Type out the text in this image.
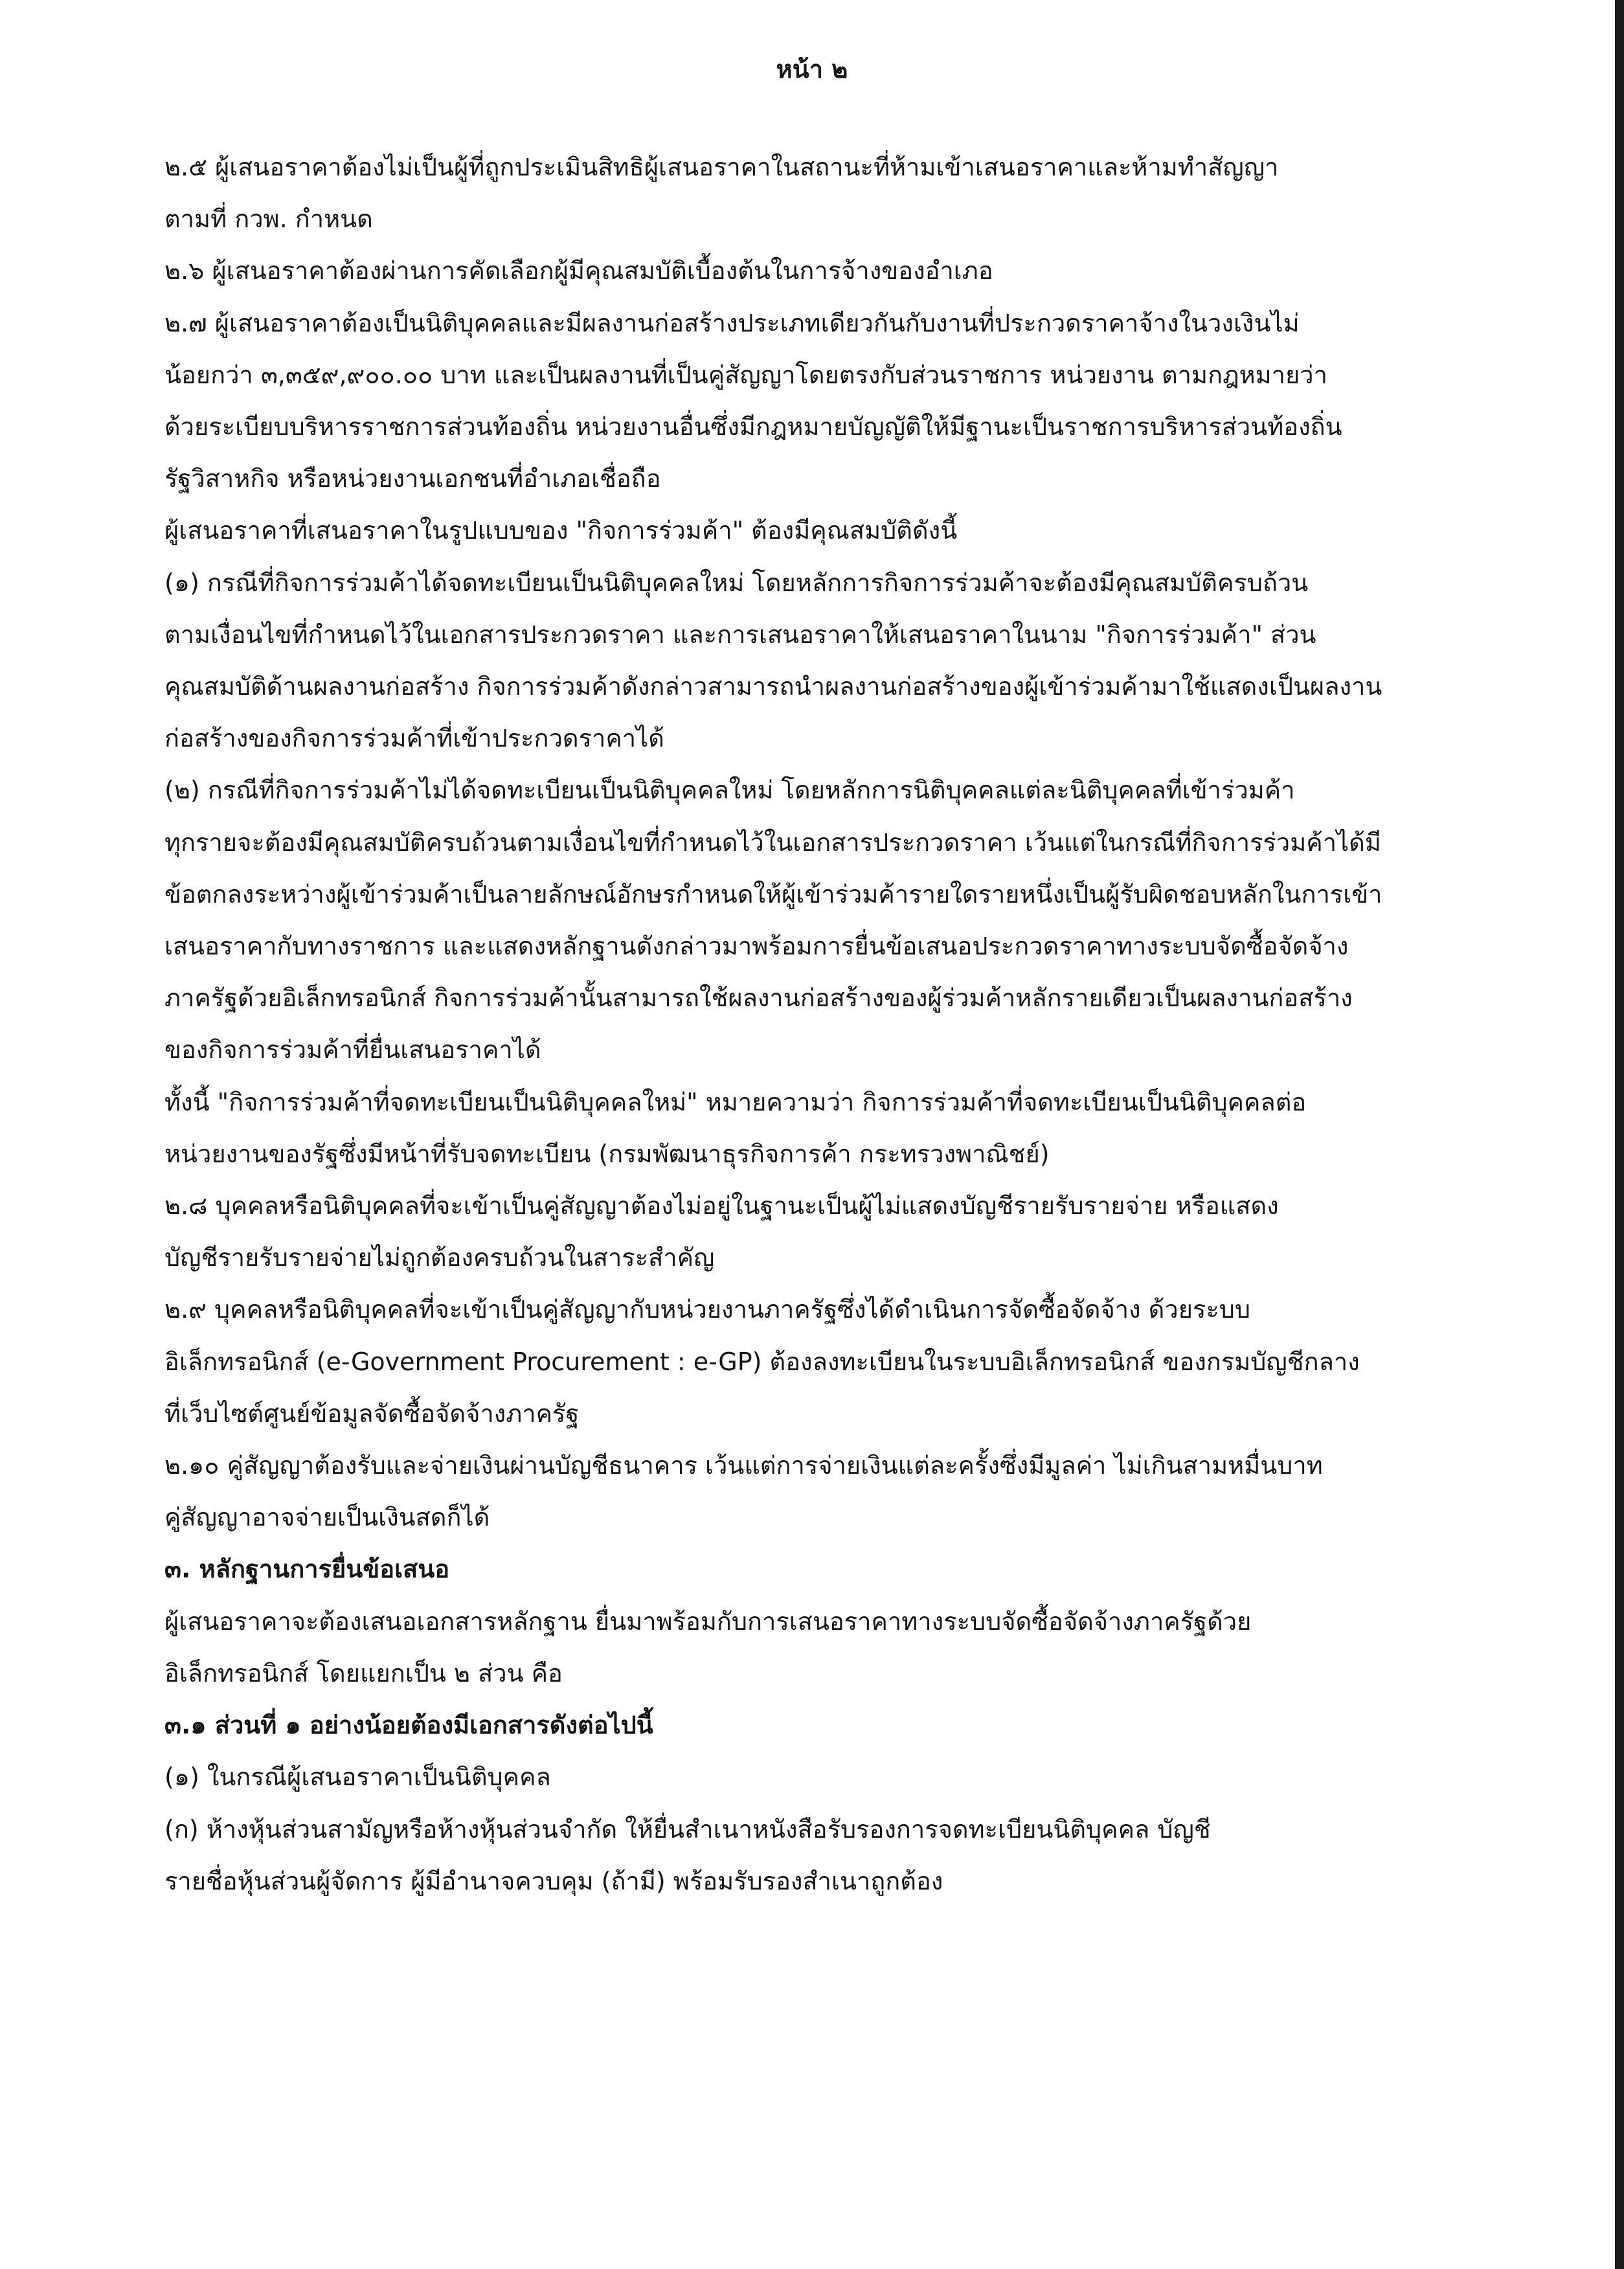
หน้า ๒

๒.๕ ผู้เสนอราคาต้องไม่เป็นผู้ที่ถูกประเมินสิทธิผู้เสนอราคาในสถานะที่ห้ามเข้าเสนอราคาและห้ามทำสัญญา
ตามที่ กวพ. กำหนด

๒.๖ ผู้เสนอราคาต้องผ่านการคัดเลือกผู้มีคุณสมบัติเบื้องต้นในการจ้างของอำเภอ

๒.๗ ผู้เสนอราคาต้องเป็นนิติบุคคลและมีผลงานก่อสร้างประเภทเดียวกันกับงานที่ประกวดราคาจ้างในวงเงินไม่
น้อยกว่า ๓,๓๕๙,๙๐๐.๐๐ บาท และเป็นผลงานที่เป็นคู่สัญญาโดยตรงกับส่วนราชการ หน่วยงาน ตามกฎหมายว่า
ด้วยระเบียบบริหารราชการส่วนท้องถิ่น หน่วยงานอื่นซึ่งมีกฎหมายบัญญัติให้มีฐานะเป็นราชการบริหารส่วนท้องถิ่น
รัฐวิสาหกิจ หรือหน่วยงานเอกชนที่อำเภอเชื่อถือ

ผู้เสนอราคาที่เสนอราคาในรูปแบบของ "กิจการร่วมค้า" ต้องมีคุณสมบัติดังนี้

(๑) กรณีที่กิจการร่วมค้าได้จดทะเบียนเป็นนิติบุคคลใหม่ โดยหลักการกิจการร่วมค้าจะต้องมีคุณสมบัติครบถ้วน
ตามเงื่อนไขที่กำหนดไว้ในเอกสารประกวดราคา และการเสนอราคาให้เสนอราคาในนาม "กิจการร่วมค้า" ส่วน
คุณสมบัติด้านผลงานก่อสร้าง กิจการร่วมค้าดังกล่าวสามารถนำผลงานก่อสร้างของผู้เข้าร่วมค้ามาใช้แสดงเป็นผลงาน
ก่อสร้างของกิจการร่วมค้าที่เข้าประกวดราคาได้

(๒) กรณีที่กิจการร่วมค้าไม่ได้จดทะเบียนเป็นนิติบุคคลใหม่ โดยหลักการนิติบุคคลแต่ละนิติบุคคลที่เข้าร่วมค้า
ทุกรายจะต้องมีคุณสมบัติครบถ้วนตามเงื่อนไขที่กำหนดไว้ในเอกสารประกวดราคา เว้นแต่ในกรณีที่กิจการร่วมค้าได้มี
ข้อตกลงระหว่างผู้เข้าร่วมค้าเป็นลายลักษณ์อักษรกำหนดให้ผู้เข้าร่วมค้ารายใดรายหนึ่งเป็นผู้รับผิดชอบหลักในการเข้า
เสนอราคากับทางราชการ และแสดงหลักฐานดังกล่าวมาพร้อมการยื่นข้อเสนอประกวดราคาทางระบบจัดซื้อจัดจ้าง
ภาครัฐด้วยอิเล็กทรอนิกส์ กิจการร่วมค้านั้นสามารถใช้ผลงานก่อสร้างของผู้ร่วมค้าหลักรายเดียวเป็นผลงานก่อสร้าง
ของกิจการร่วมค้าที่ยื่นเสนอราคาได้

ทั้งนี้ "กิจการร่วมค้าที่จดทะเบียนเป็นนิติบุคคลใหม่" หมายความว่า กิจการร่วมค้าที่จดทะเบียนเป็นนิติบุคคลต่อ
หน่วยงานของรัฐซึ่งมีหน้าที่รับจดทะเบียน (กรมพัฒนาธุรกิจการค้า กระทรวงพาณิชย์)

๒.๘ บุคคลหรือนิติบุคคลที่จะเข้าเป็นคู่สัญญาต้องไม่อยู่ในฐานะเป็นผู้ไม่แสดงบัญชีรายรับรายจ่าย หรือแสดง
บัญชีรายรับรายจ่ายไม่ถูกต้องครบถ้วนในสาระสำคัญ

๒.๙ บุคคลหรือนิติบุคคลที่จะเข้าเป็นคู่สัญญากับหน่วยงานภาครัฐซึ่งได้ดำเนินการจัดซื้อจัดจ้าง ด้วยระบบ
อิเล็กทรอนิกส์ (e-Government Procurement : e-GP) ต้องลงทะเบียนในระบบอิเล็กทรอนิกส์ ของกรมบัญชีกลาง
ที่เว็บไซต์ศูนย์ข้อมูลจัดซื้อจัดจ้างภาครัฐ

๒.๑๐ คู่สัญญาต้องรับและจ่ายเงินผ่านบัญชีธนาคาร เว้นแต่การจ่ายเงินแต่ละครั้งซึ่งมีมูลค่า ไม่เกินสามหมื่นบาท
คู่สัญญาอาจจ่ายเป็นเงินสดก็ได้

๓. หลักฐานการยื่นข้อเสนอ

ผู้เสนอราคาจะต้องเสนอเอกสารหลักฐาน ยื่นมาพร้อมกับการเสนอราคาทางระบบจัดซื้อจัดจ้างภาครัฐด้วย
อิเล็กทรอนิกส์ โดยแยกเป็น ๒ ส่วน คือ

๓.๑ ส่วนที่ ๑ อย่างน้อยต้องมีเอกสารดังต่อไปนี้

(๑) ในกรณีผู้เสนอราคาเป็นนิติบุคคล

(ก) ห้างหุ้นส่วนสามัญหรือห้างหุ้นส่วนจำกัด ให้ยื่นสำเนาหนังสือรับรองการจดทะเบียนนิติบุคคล บัญชี
รายชื่อหุ้นส่วนผู้จัดการ ผู้มีอำนาจควบคุม (ถ้ามี) พร้อมรับรองสำเนาถูกต้อง
